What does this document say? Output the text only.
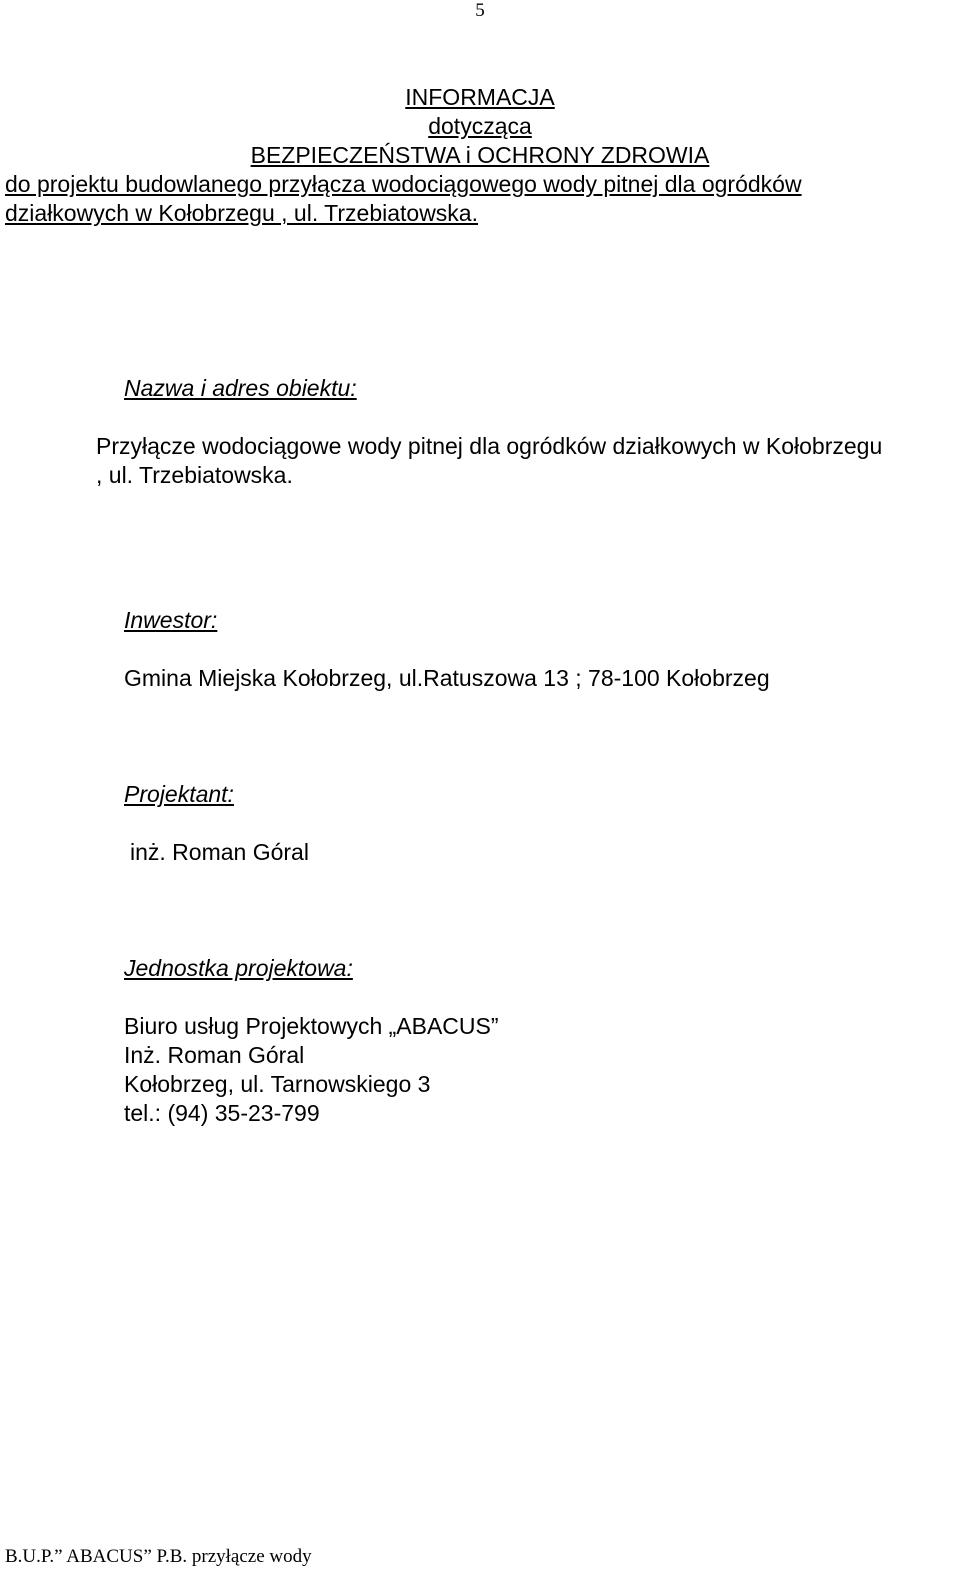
5
INFORMACJA
dotycząca
BEZPIECZEŃSTWA i OCHRONY ZDROWIA
do projektu budowlanego przyłącza wodociągowego wody pitnej dla ogródków
działkowych w Kołobrzegu , ul. Trzebiatowska.
Nazwa i adres obiektu:
Przyłącze wodociągowe wody pitnej dla ogródków działkowych w Kołobrzegu
, ul. Trzebiatowska.
Inwestor:
Gmina Miejska Kołobrzeg, ul.Ratuszowa 13 ; 78-100 Kołobrzeg
Projektant:
inż. Roman Góral
Jednostka projektowa:
Biuro usług Projektowych „ABACUS”
Inż. Roman Góral
Kołobrzeg, ul. Tarnowskiego 3
tel.: (94) 35-23-799
B.U.P.” ABACUS” P.B. przyłącze wody
